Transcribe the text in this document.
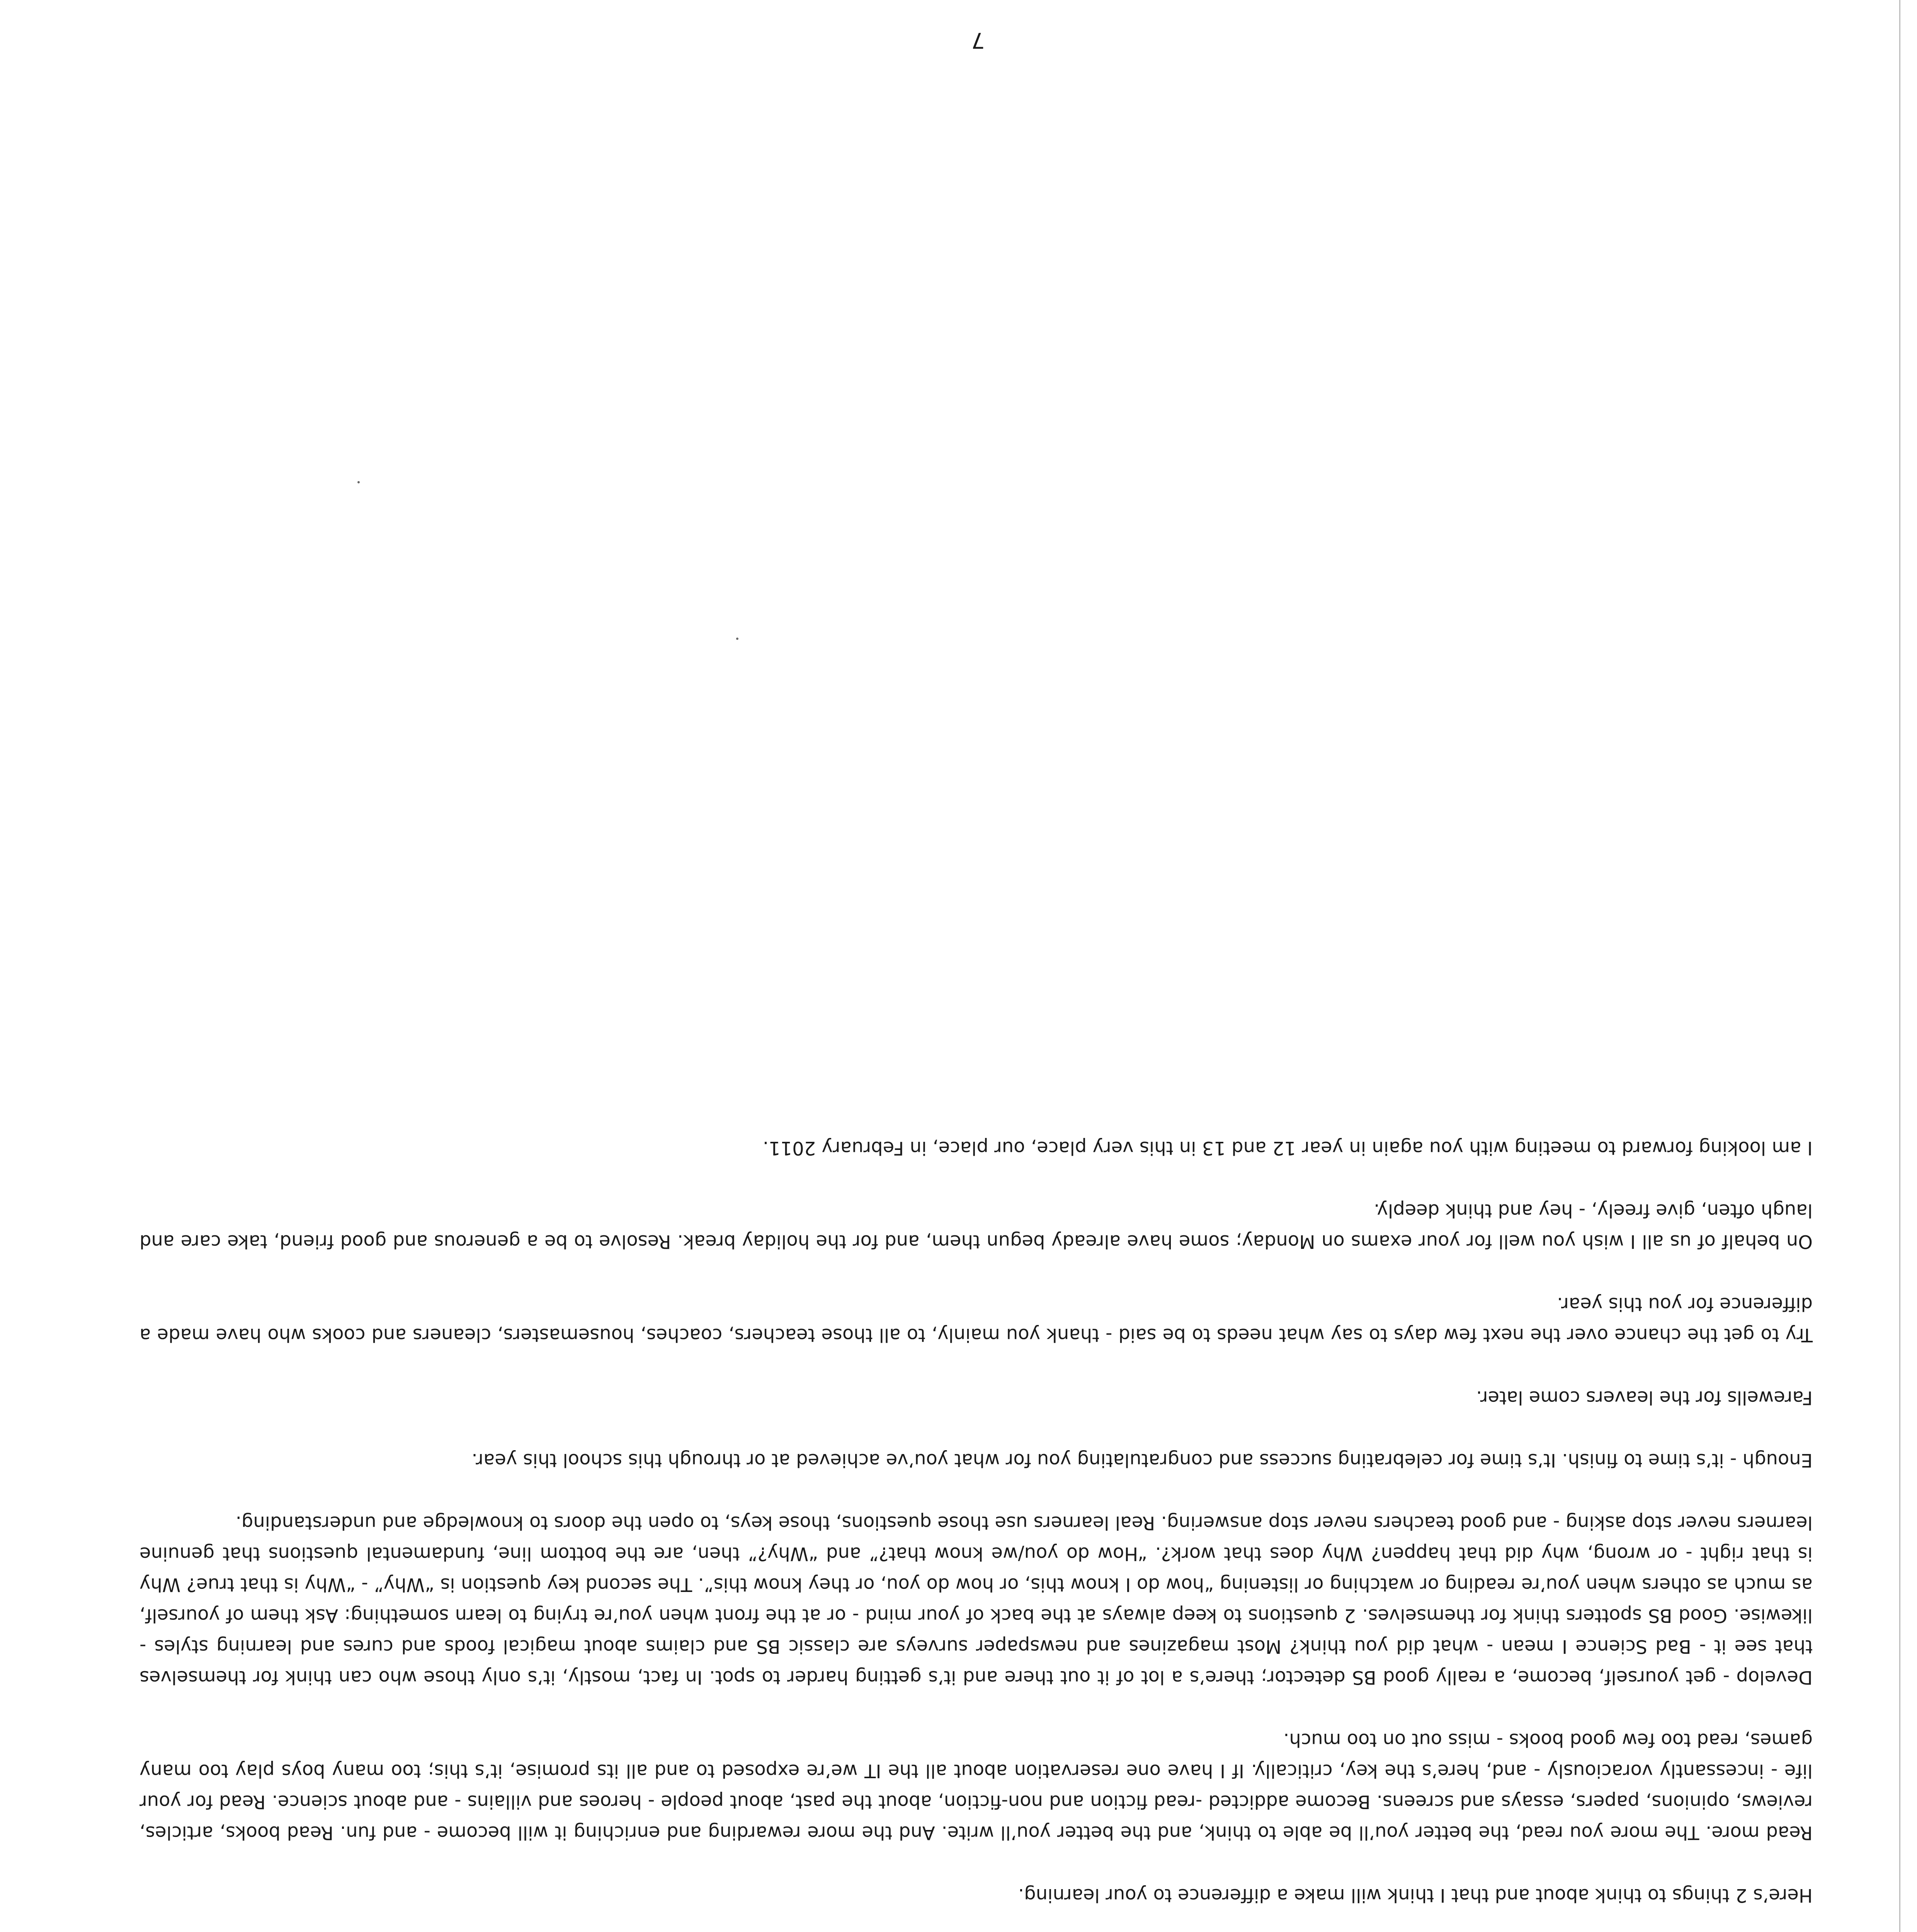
Here’s 2 things to think about and that I think will make a difference to your learning.

Read more. The more you read, the better you’ll be able to think, and the better you’ll write. And the more rewarding and enriching it will become - and fun. Read books, articles, reviews, opinions, papers, essays and screens. Become addicted -read fiction and non-fiction, about the past, about people - heroes and villains - and about science. Read for your life - incessantly voraciously - and, here’s the key, critically. If I have one reservation about all the IT we’re exposed to and all its promise, it’s this; too many boys play too many games, read too few good books - miss out on too much.

Develop - get yourself, become, a really good BS detector; there’s a lot of it out there and it’s getting harder to spot. In fact, mostly, it’s only those who can think for themselves that see it - Bad Science I mean - what did you think? Most magazines and newspaper surveys are classic BS and claims about magical foods and cures and learning styles - likewise. Good BS spotters think for themselves. 2 questions to keep always at the back of your mind - or at the front when you’re trying to learn something: Ask them of yourself, as much as others when you’re reading or watching or listening “how do I know this, or how do you, or they know this”. The second key question is “Why” - “Why is that true? Why is that right - or wrong, why did that happen? Why does that work?. “How do you/we know that?” and “Why?” then, are the bottom line, fundamental questions that genuine learners never stop asking - and good teachers never stop answering. Real learners use those questions, those keys, to open the doors to knowledge and understanding.

Enough - it’s time to finish. It’s time for celebrating success and congratulating you for what you’ve achieved at or through this school this year.

Farewells for the leavers come later.

Try to get the chance over the next few days to say what needs to be said - thank you mainly, to all those teachers, coaches, housemasters, cleaners and cooks who have made a difference for you this year.

On behalf of us all I wish you well for your exams on Monday; some have already begun them, and for the holiday break. Resolve to be a generous and good friend, take care and laugh often, give freely, - hey and think deeply.

I am looking forward to meeting with you again in year 12 and 13 in this very place, our place, in February 2011.

7
